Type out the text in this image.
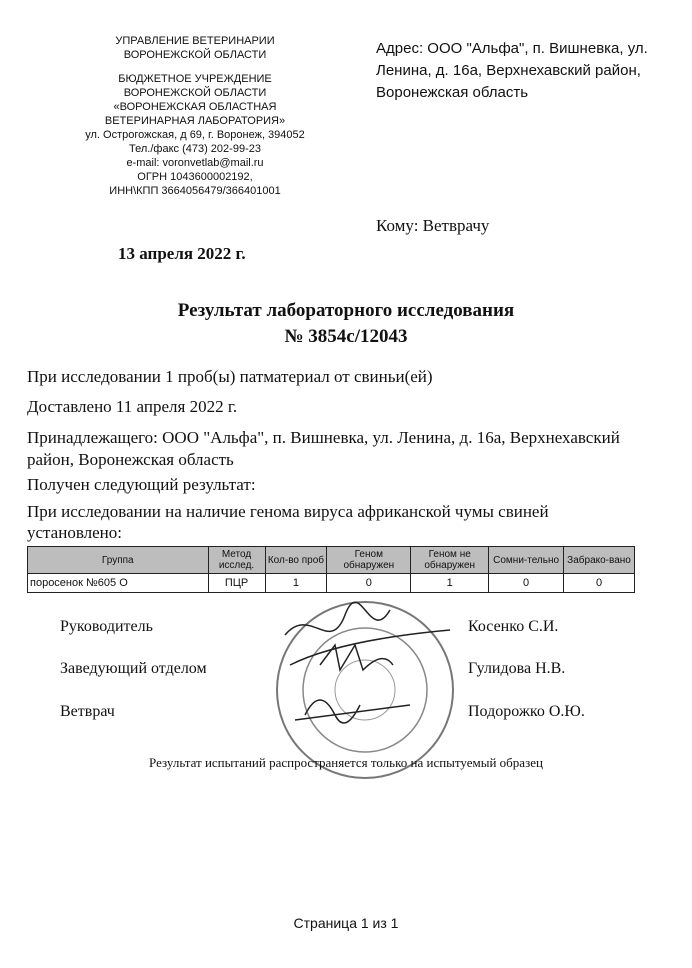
УПРАВЛЕНИЕ ВЕТЕРИНАРИИ
ВОРОНЕЖСКОЙ ОБЛАСТИ
БЮДЖЕТНОЕ УЧРЕЖДЕНИЕ
ВОРОНЕЖСКОЙ ОБЛАСТИ
«ВОРОНЕЖСКАЯ ОБЛАСТНАЯ
ВЕТЕРИНАРНАЯ ЛАБОРАТОРИЯ»
ул. Острогожская, д 69, г. Воронеж, 394052
Тел./факс (473) 202-99-23
e-mail: voronvetlab@mail.ru
ОГРН 1043600002192,
ИНН\КПП 3664056479/366401001
Адрес: ООО "Альфа", п. Вишневка, ул. Ленина, д. 16а, Верхнехавский район, Воронежская область
Кому: Ветврачу
13 апреля 2022 г.
Результат лабораторного исследования
№ 3854с/12043
При исследовании 1 проб(ы) патматериал от свиньи(ей)
Доставлено 11 апреля 2022 г.
Принадлежащего: ООО "Альфа", п. Вишневка, ул. Ленина, д. 16а, Верхнехавский район, Воронежская область
Получен следующий результат:
При исследовании на наличие генома вируса африканской чумы свиней установлено:
Группа	Метод исслед.	Кол-во проб	Геном обнаружен	Геном не обнаружен	Сомни-тельно	Забрако-вано
поросенок №605 О	ПЦР	1	0	1	0	0
Руководитель	Косенко С.И.
Заведующий отделом	Гулидова Н.В.
Ветврач	Подорожко О.Ю.
Результат испытаний распространяется только на испытуемый образец
Страница 1 из 1
